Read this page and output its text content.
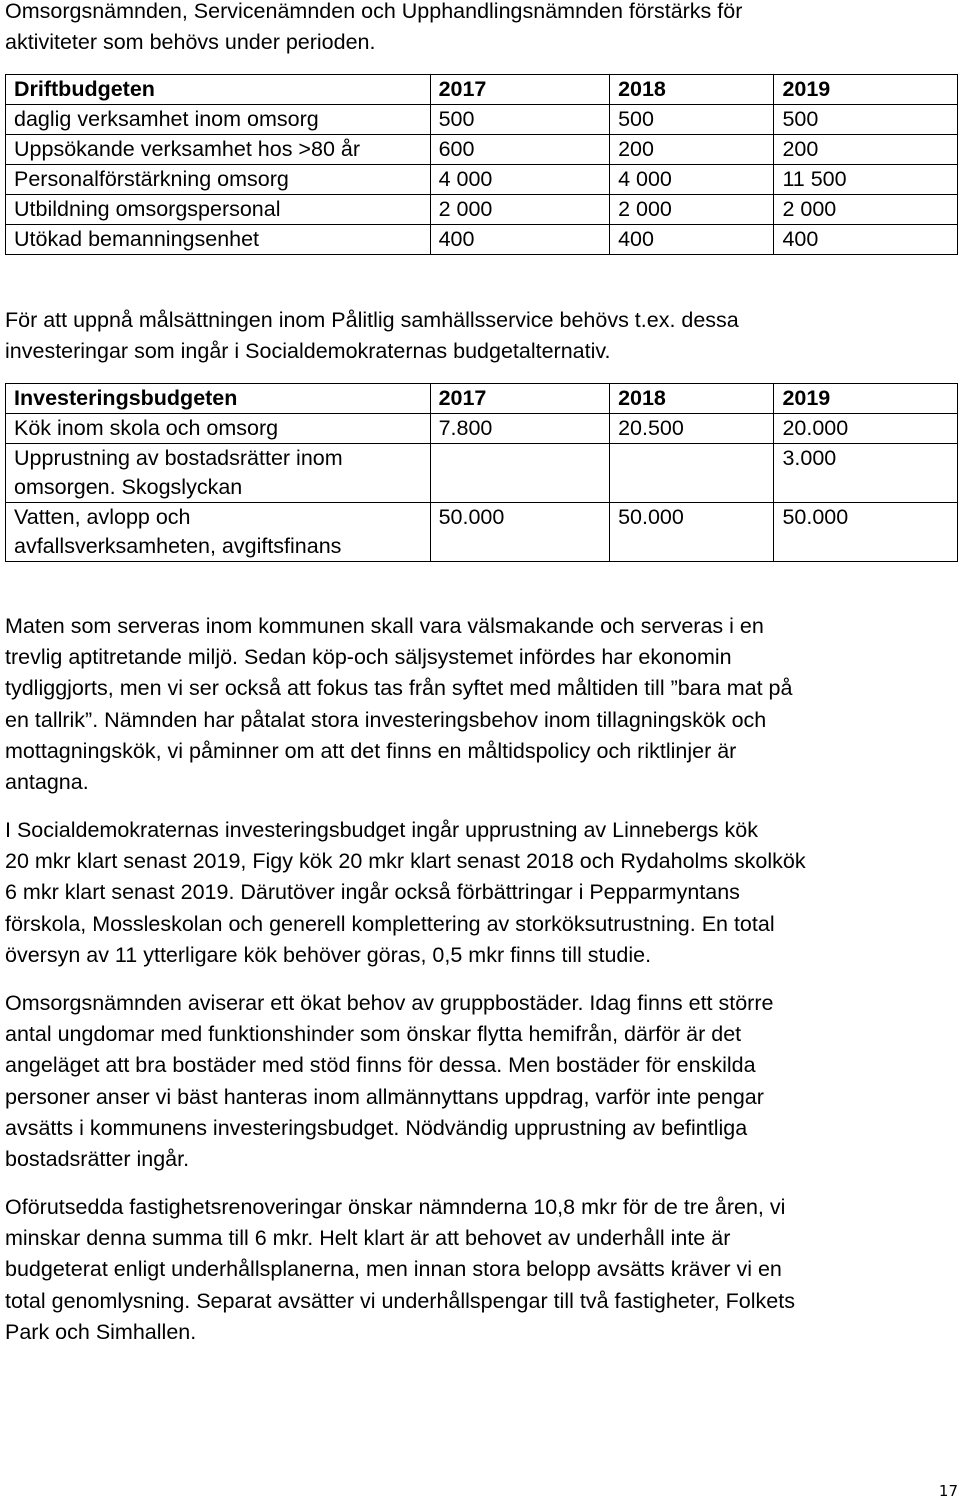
Omsorgsnämnden, Servicenämnden och Upphandlingsnämnden förstärks för
aktiviteter som behövs under perioden.

Driftbudgeten	2017	2018	2019
daglig verksamhet inom omsorg	500	500	500
Uppsökande verksamhet hos >80 år	600	200	200
Personalförstärkning omsorg	4 000	4 000	11 500
Utbildning omsorgspersonal	2 000	2 000	2 000
Utökad bemanningsenhet	400	400	400

För att uppnå målsättningen inom Pålitlig samhällsservice behövs t.ex. dessa
investeringar som ingår i Socialdemokraternas budgetalternativ.

Investeringsbudgeten	2017	2018	2019
Kök inom skola och omsorg	7.800	20.500	20.000
Upprustning av bostadsrätter inom
omsorgen. Skogslyckan			3.000
Vatten, avlopp och
avfallsverksamheten, avgiftsfinans	50.000	50.000	50.000

Maten som serveras inom kommunen skall vara välsmakande och serveras i en
trevlig aptitretande miljö. Sedan köp-och säljsystemet infördes har ekonomin
tydliggjorts, men vi ser också att fokus tas från syftet med måltiden till ”bara mat på
en tallrik”. Nämnden har påtalat stora investeringsbehov inom tillagningskök och
mottagningskök, vi påminner om att det finns en måltidspolicy och riktlinjer är
antagna.

I Socialdemokraternas investeringsbudget ingår upprustning av Linnebergs kök
20 mkr klart senast 2019, Figy kök 20 mkr klart senast 2018 och Rydaholms skolkök
6 mkr klart senast 2019. Därutöver ingår också förbättringar i Pepparmyntans
förskola, Mossleskolan och generell komplettering av storköksutrustning. En total
översyn av 11 ytterligare kök behöver göras, 0,5 mkr finns till studie.

Omsorgsnämnden aviserar ett ökat behov av gruppbostäder. Idag finns ett större
antal ungdomar med funktionshinder som önskar flytta hemifrån, därför är det
angeläget att bra bostäder med stöd finns för dessa. Men bostäder för enskilda
personer anser vi bäst hanteras inom allmännyttans uppdrag, varför inte pengar
avsätts i kommunens investeringsbudget. Nödvändig upprustning av befintliga
bostadsrätter ingår.

Oförutsedda fastighetsrenoveringar önskar nämnderna 10,8 mkr för de tre åren, vi
minskar denna summa till 6 mkr. Helt klart är att behovet av underhåll inte är
budgeterat enligt underhållsplanerna, men innan stora belopp avsätts kräver vi en
total genomlysning. Separat avsätter vi underhållspengar till två fastigheter, Folkets
Park och Simhallen.

17
